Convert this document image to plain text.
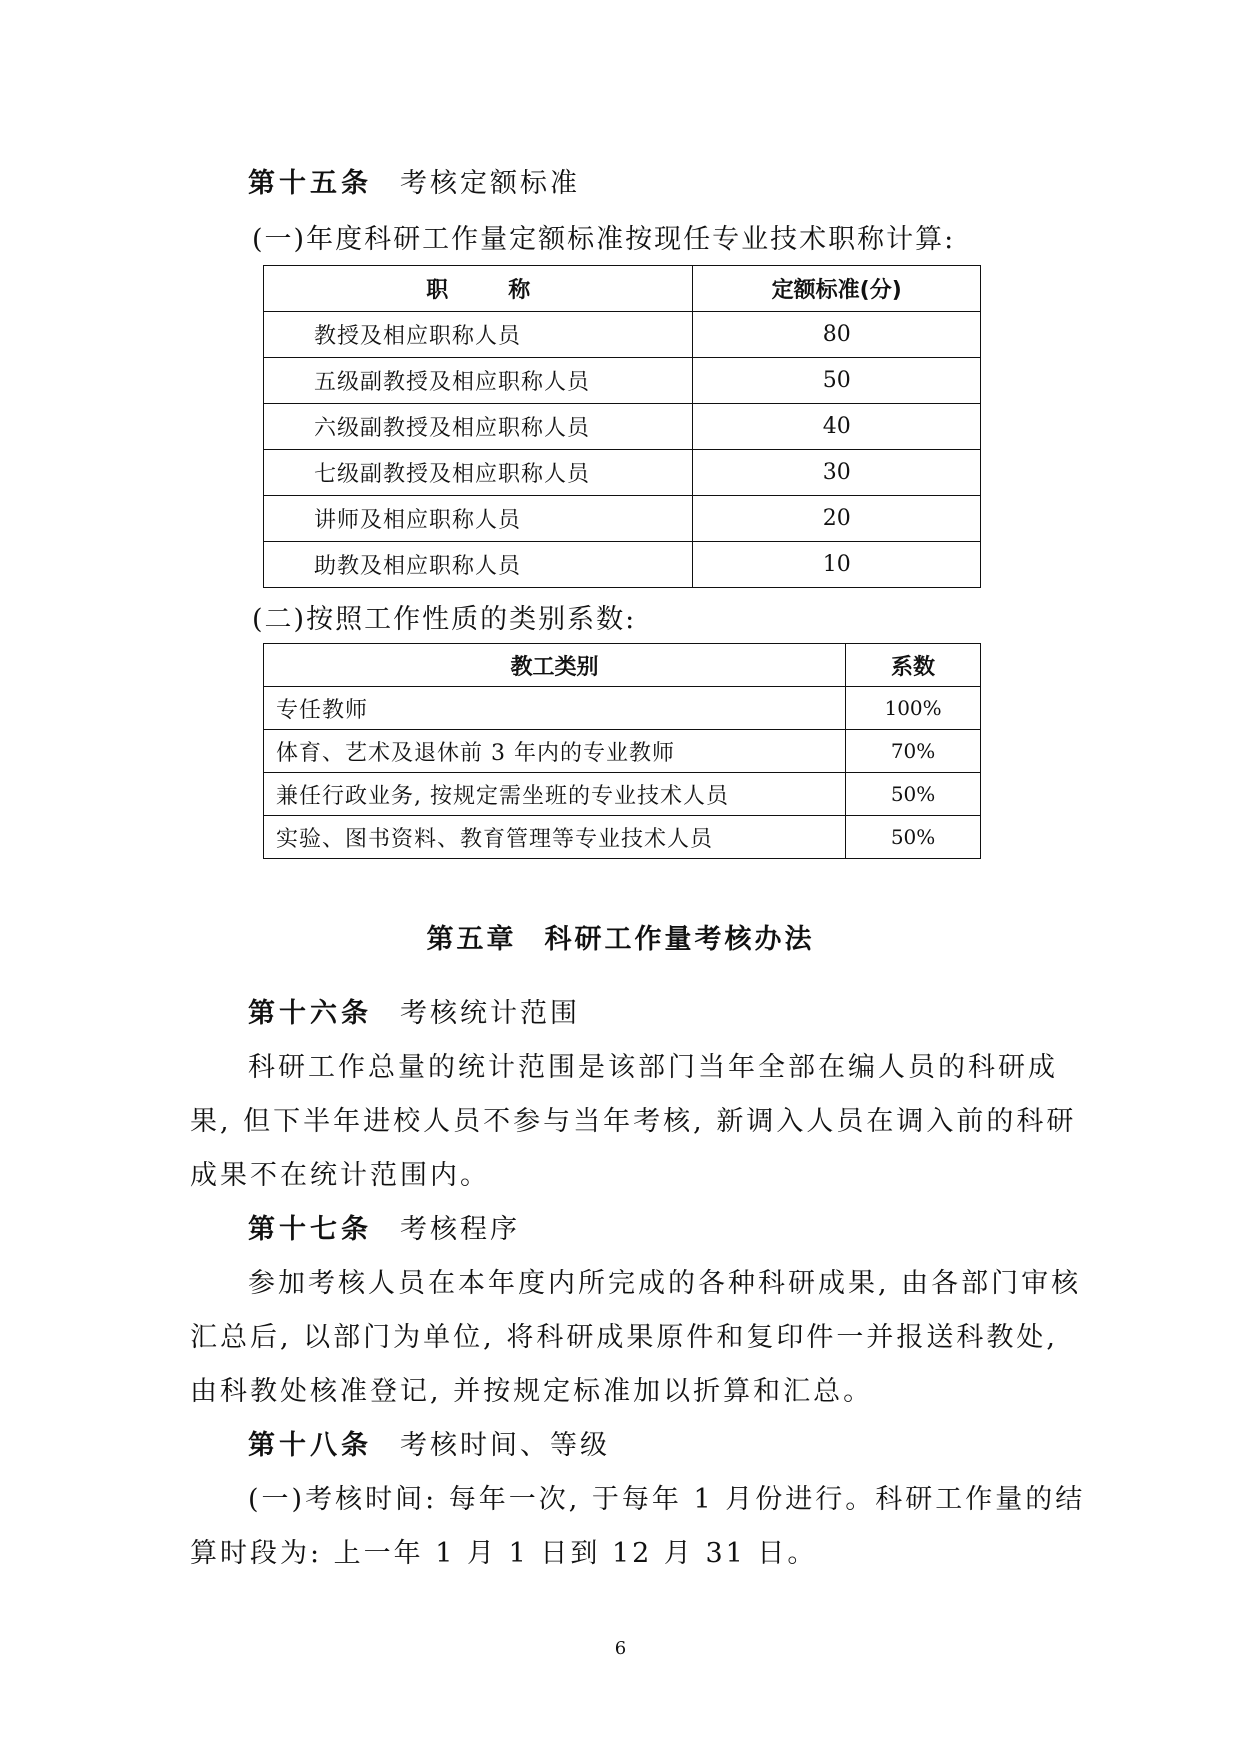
第十五条 考核定额标准
(一)年度科研工作量定额标准按现任专业技术职称计算:
职 称	定额标准(分)
教授及相应职称人员	80
五级副教授及相应职称人员	50
六级副教授及相应职称人员	40
七级副教授及相应职称人员	30
讲师及相应职称人员	20
助教及相应职称人员	10
(二)按照工作性质的类别系数:
教工类别	系数
专任教师	100%
体育、艺术及退休前 3 年内的专业教师	70%
兼任行政业务, 按规定需坐班的专业技术人员	50%
实验、图书资料、教育管理等专业技术人员	50%
第五章 科研工作量考核办法
第十六条 考核统计范围
科研工作总量的统计范围是该部门当年全部在编人员的科研成
果, 但下半年进校人员不参与当年考核, 新调入人员在调入前的科研
成果不在统计范围内。
第十七条 考核程序
参加考核人员在本年度内所完成的各种科研成果, 由各部门审核
汇总后, 以部门为单位, 将科研成果原件和复印件一并报送科教处,
由科教处核准登记, 并按规定标准加以折算和汇总。
第十八条 考核时间、等级
(一)考核时间: 每年一次, 于每年 1 月份进行。科研工作量的结
算时段为: 上一年 1 月 1 日到 12 月 31 日。
6
